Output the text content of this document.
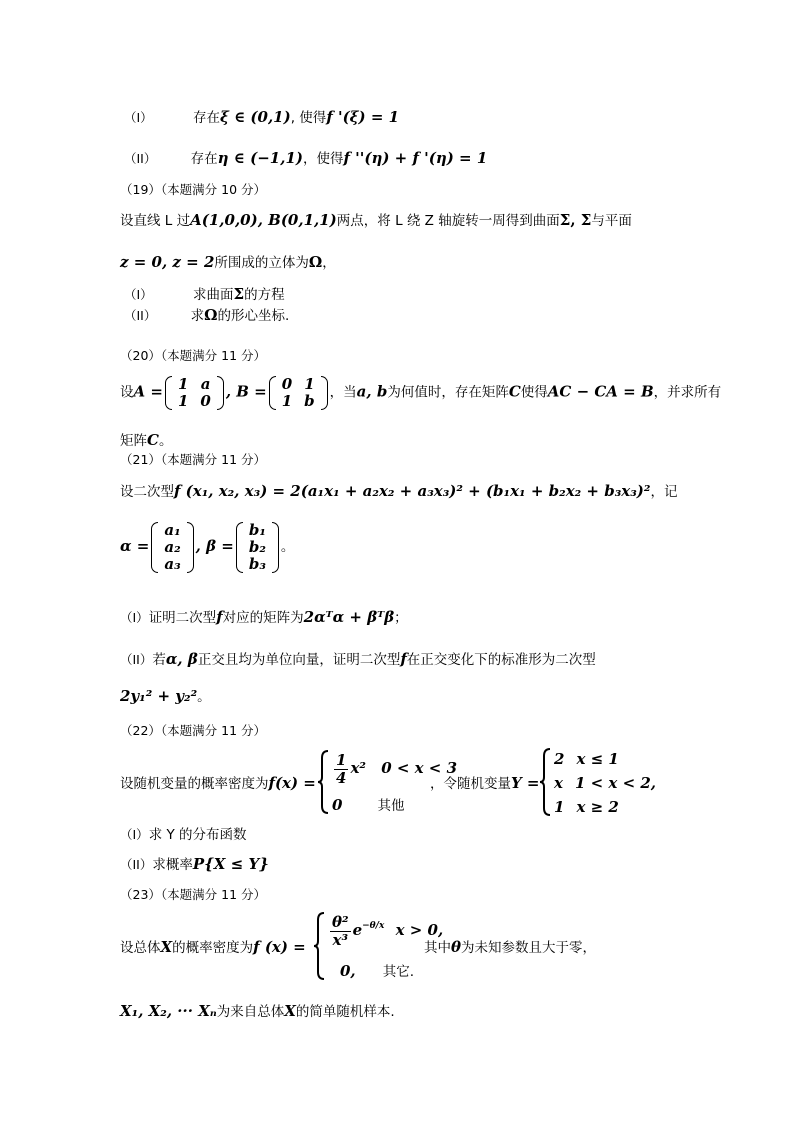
（I）	存在ξ ∈ (0,1), 使得f '(ξ) = 1
（II）	存在η ∈ (−1,1)，使得f ''(η) + f '(η) = 1
（19）（本题满分 10 分）
设直线 L 过A(1,0,0), B(0,1,1)两点，将 L 绕 Z 轴旋转一周得到曲面Σ, Σ与平面
z = 0, z = 2所围成的立体为Ω，
（I）	求曲面Σ的方程
（II）	求Ω的形心坐标.
（20）（本题满分 11 分）
设A =	1 a
1 0
, B =	0 1
1 b	，当a, b为何值时，存在矩阵C使得AC − CA = B，并求所有
矩阵C。
（21）（本题满分 11 分）
设二次型f (x₁, x₂, x₃) = 2(a₁x₁ + a₂x₂ + a₃x₃)² + (b₁x₁ + b₂x₂ + b₃x₃)²，记
α =
a₁
a₂
a₃
, β =
b₁
b₂
b₃
。
（I）证明二次型f对应的矩阵为2αᵀα + βᵀβ；
（II）若α, β正交且均为单位向量，证明二次型f在正交变化下的标准形为二次型
2y₁² + y₂²。
（22）（本题满分 11 分）
设随机变量的概率密度为$f(x) = \frac{1}{4} x^2$ 0 < x < 3
0	其他
，令随机变量Y =
2 x ≤ 1
x 1 < x < 2,
1 x ≥ 2
（I）求 Y 的分布函数
（II）求概率P{X ≤ Y}
（23）（本题满分 11 分）
设总体X的概率密度为f $(x) = \frac{\text{θ²}}{\text{x³}} e^{-\theta/x}$ x > 0,
0, 其它.
其中θ为未知参数且大于零，
X₁, X₂, ··· Xₙ为来自总体X的简单随机样本.
